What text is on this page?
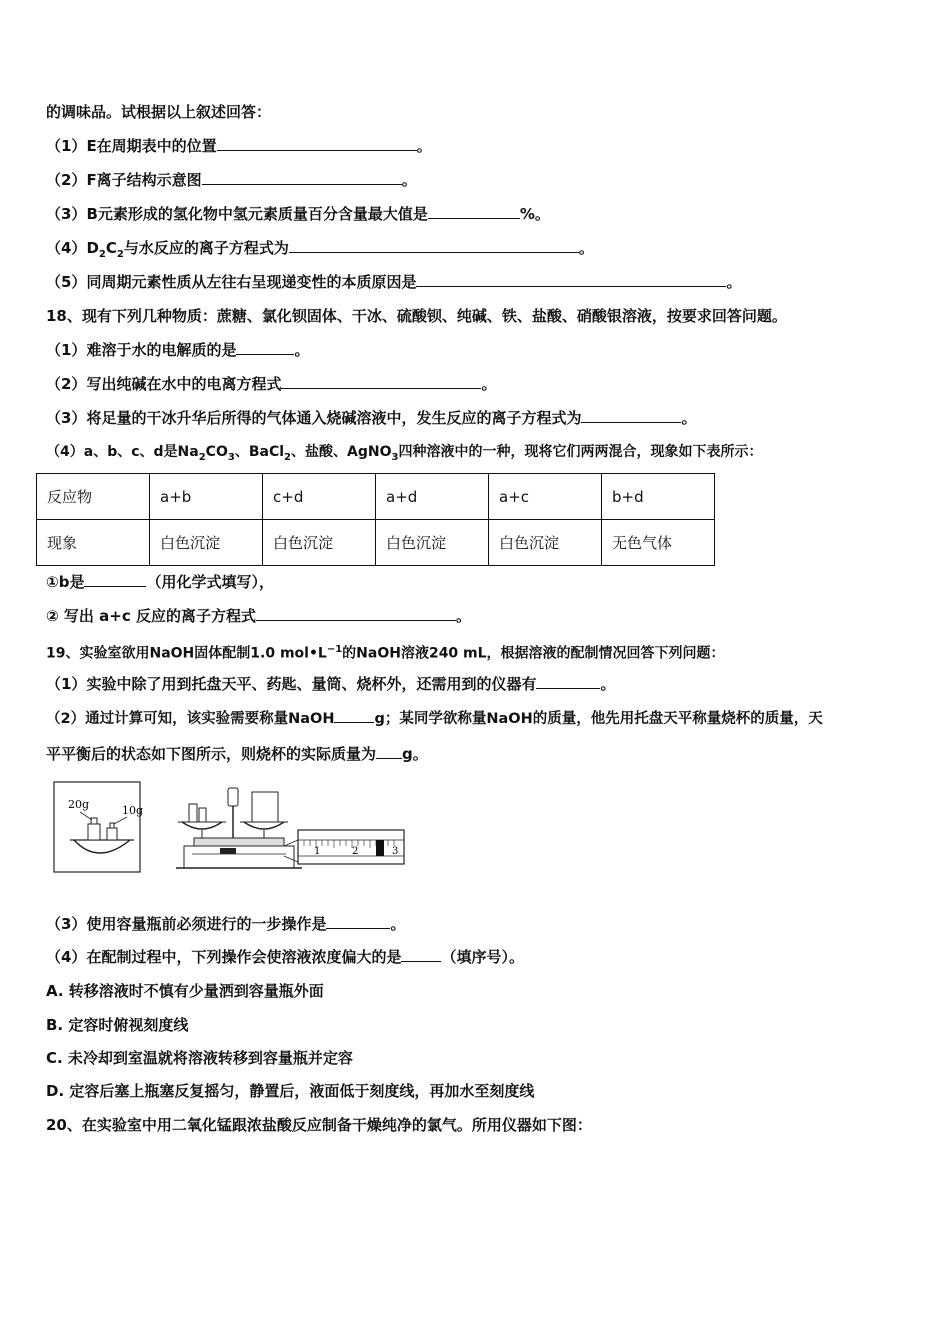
的调味品。试根据以上叙述回答：
（1）E在周期表中的位置	。
（2）F离子结构示意图	。
（3）B元素形成的氢化物中氢元素质量百分含量最大值是	%。
$(4)D_2C_2$与水反应的离子方程式为	。
（5）同周期元素性质从左往右呈现递变性的本质原因是	。
18、现有下列几种物质：蔗糖、氯化钡固体、干冰、硫酸钡、纯碱、铁、盐酸、硝酸银溶液，按要求回答问题。
（1）难溶于水的电解质的是	。
（2）写出纯碱在水中的电离方程式	。
（3）将足量的干冰升华后所得的气体通入烧碱溶液中，发生反应的离子方程式为	。
（4）a、b、c、d是$Na_2CO_3$、BaCl$_2$、盐酸、AgNO$_3$四种溶液中的一种，现将它们两两混合，现象如下表所示：
反应物	a+b	c+d	a+d	a+c	b+d
现象	白色沉淀	白色沉淀	白色沉淀	白色沉淀	无色气体
①b是	（用化学式填写），
② 写出 a+c 反应的离子方程式	。
19、实验室欲用NaOH固体配制1.0 $mol•L^{-1}$的NaOH溶液240 mL，根据溶液的配制情况回答下列问题：
（1）实验中除了用到托盘天平、药匙、量筒、烧杯外，还需用到的仪器有	。
（2）通过计算可知，该实验需要称量NaOH	g；某同学欲称量NaOH的质量，他先用托盘天平称量烧杯的质量，天
平平衡后的状态如下图所示，则烧杯的实际质量为 g。
20g	10g
1	2	3
（3）使用容量瓶前必须进行的一步操作是	。
（4）在配制过程中，下列操作会使溶液浓度偏大的是	（填序号）。
A. 转移溶液时不慎有少量洒到容量瓶外面
B. 定容时俯视刻度线
C. 未冷却到室温就将溶液转移到容量瓶并定容
D. 定容后塞上瓶塞反复摇匀，静置后，液面低于刻度线，再加水至刻度线
20、在实验室中用二氧化锰跟浓盐酸反应制备干燥纯净的氯气。所用仪器如下图：
